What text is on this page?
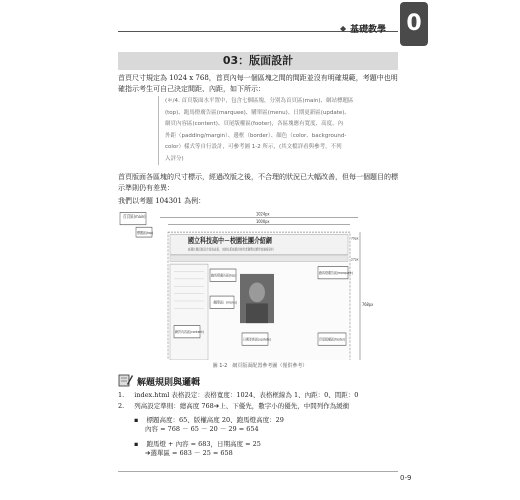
◆ 基礎教學 0
03：版面設計

首頁尺寸規定為 1024 x 768，首頁內每一個區塊之間的間距並沒有明確規範，考題中也明確指示考生可自己決定間距、內距，如下所示：

(＊/4. 首頁版面水平置中，包含七個區塊，分別為首頁區(main)、網站標題區
(top)、跑馬燈廣告區(marquee)、購單區(menu)、日期更新區(update)、
網頁內容區(content)、頁尾版權區(footer)，各區塊應有寬度、高度、內
外距（padding/margin）、邊框（border）、顏色（color、background-
color）樣式等自行設計，可參考圖 1-2 所示，(其文檔詳看與參考，不列
入評分)

首頁版面各區塊的尺寸標示，經過改版之後，不合理的狀況已大幅改善，但每一個題目的標示準則仍有差異：

我們以考題 104301 為例：

1024px
1000px
首頁區(main)
國立科技高中－校園社團介紹網
統選社團活動及介紹與成果，本網站系統提供使用者瀏覽社團學校聯絡資料
標題區(top)
跑馬燈廣告區(top)
跑馬燈廣告區(marquee)
（購單區）(menu)
網頁內容區(content)
日期更新區(update)	頁尾版權區(footer)
768px
70px
27px
圖 1-2　網頁版面配置參考圖（僅供參考）
解題規則與邏輯
1. index.html 表格設定：表格寬度：1024、表格框線為 1、內距：0、間距：0
2. 列高設定準則：總高度 768➔上、下優先，數字小的優先，中間列作為緩衝
▪ 標題高度：65、版權高度 20、跑馬燈高度：29
內容 = 768 － 65 － 20 － 29 = 654
▪ 跑馬燈 + 內容 = 683，日期高度 = 25
➔選單區 = 683 － 25 = 658
0-9
